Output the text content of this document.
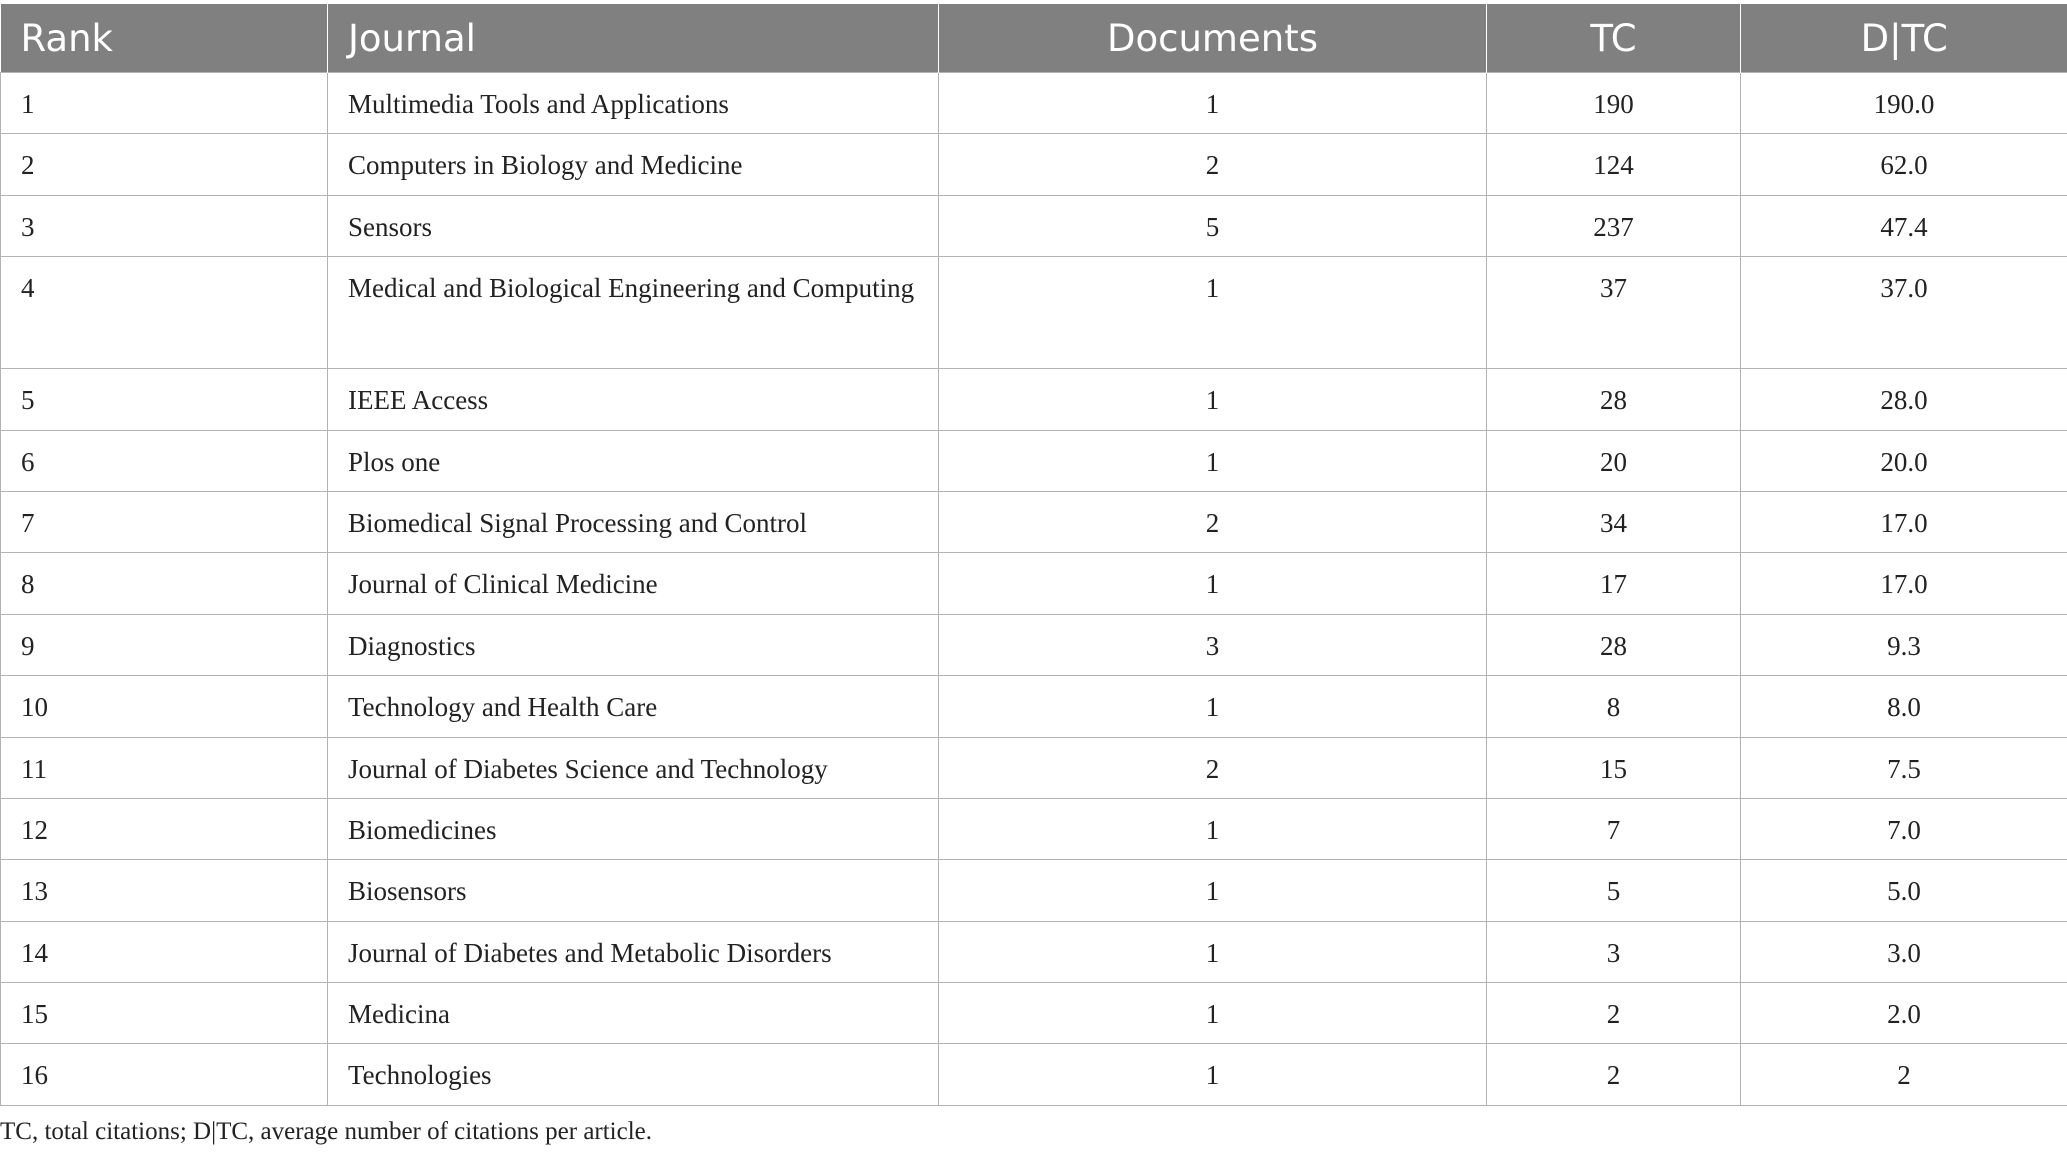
Rank	Journal	Documents	TC	D|TC

1	Multimedia Tools and Applications	1	190	190.0

2	Computers in Biology and Medicine	2	124	62.0

3	Sensors	5	237	47.4

4	Medical and Biological Engineering and Computing	1	37	37.0

5	IEEE Access	1	28	28.0

6	Plos one	1	20	20.0

7	Biomedical Signal Processing and Control	2	34	17.0

8	Journal of Clinical Medicine	1	17	17.0

9	Diagnostics	3	28	9.3

10	Technology and Health Care	1	8	8.0

11	Journal of Diabetes Science and Technology	2	15	7.5

12	Biomedicines	1	7	7.0

13	Biosensors	1	5	5.0

14	Journal of Diabetes and Metabolic Disorders	1	3	3.0

15	Medicina	1	2	2.0

16	Technologies	1	2	2
TC, total citations; D|TC, average number of citations per article.
